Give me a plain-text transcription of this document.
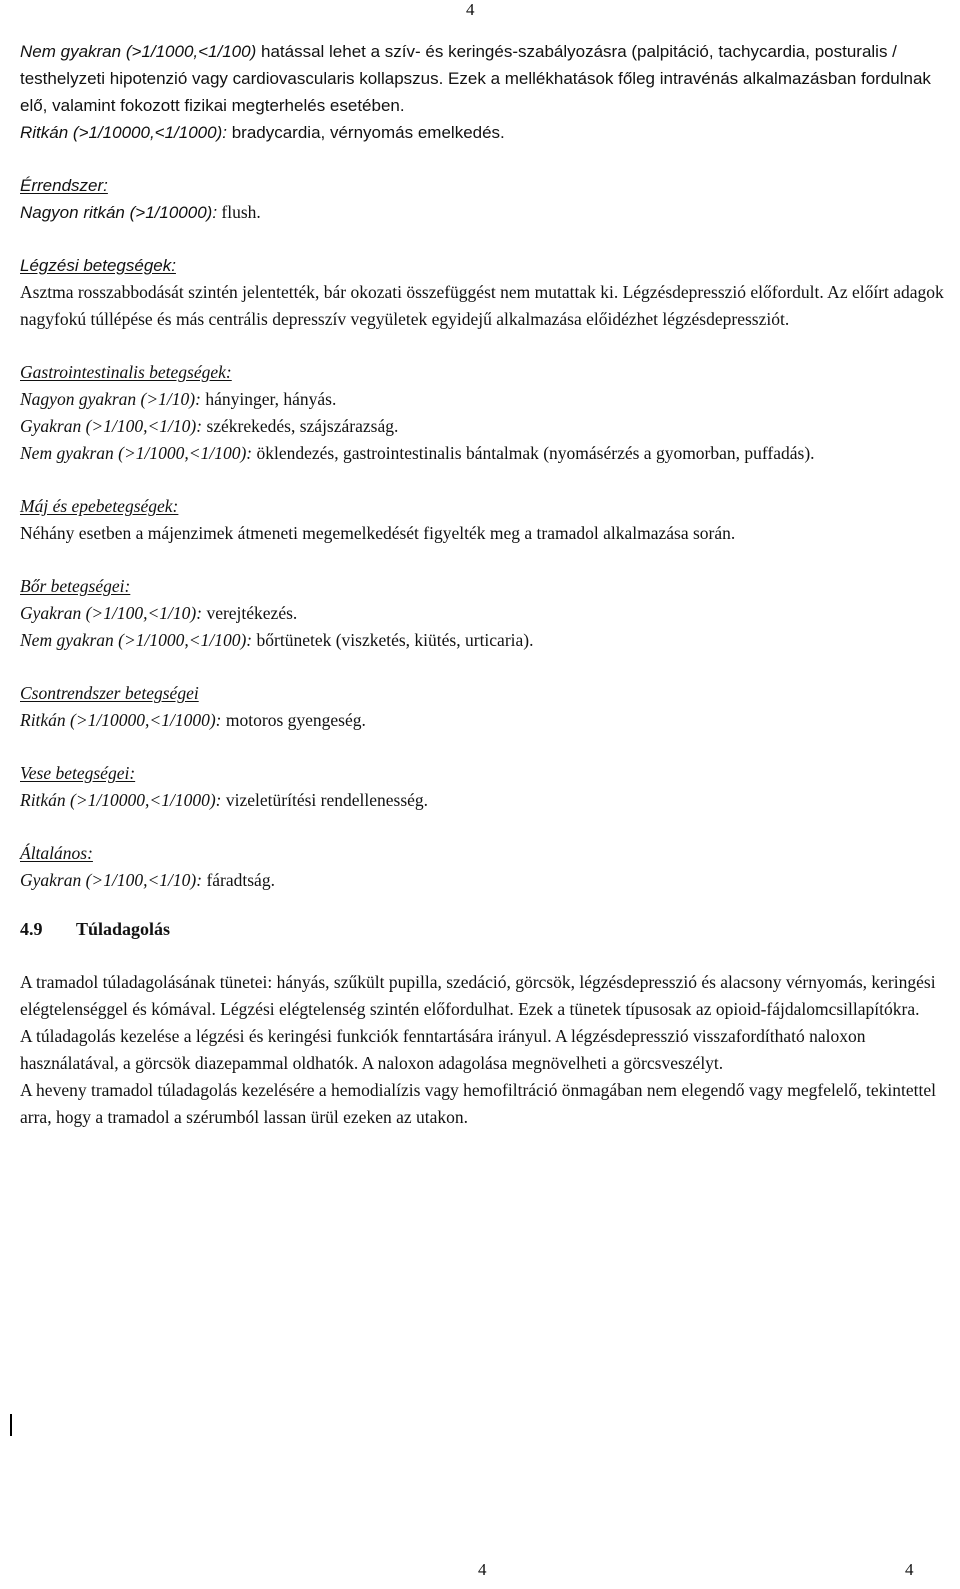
4

Nem gyakran (>1/1000,<1/100) hatással lehet a szív- és keringés-szabályozásra (palpitáció, tachycardia, posturalis / testhelyzeti hipotenzió vagy cardiovascularis kollapszus. Ezek a mellékhatások főleg intravénás alkalmazásban fordulnak elő, valamint fokozott fizikai megterhelés esetében.

Ritkán (>1/10000,<1/1000): bradycardia, vérnyomás emelkedés.

Érrendszer:

Nagyon ritkán (>1/10000): flush.

Légzési betegségek:

Asztma rosszabbodását szintén jelentették, bár okozati összefüggést nem mutattak ki. Légzésdepresszió előfordult. Az előírt adagok nagyfokú túllépése és más centrális depresszív vegyületek egyidejű alkalmazása előidézhet légzésdepressziót.

Gastrointestinalis betegségek:

Nagyon gyakran (>1/10): hányinger, hányás.

Gyakran (>1/100,<1/10): székrekedés, szájszárazság.

Nem gyakran (>1/1000,<1/100): öklendezés, gastrointestinalis bántalmak (nyomásérzés a gyomorban, puffadás).

Máj és epebetegségek:

Néhány esetben a májenzimek átmeneti megemelkedését figyelték meg a tramadol alkalmazása során.

Bőr betegségei:

Gyakran (>1/100,<1/10): verejtékezés.

Nem gyakran (>1/1000,<1/100): bőrtünetek (viszketés, kiütés, urticaria).

Csontrendszer betegségei

Ritkán (>1/10000,<1/1000): motoros gyengeség.

Vese betegségei:

Ritkán (>1/10000,<1/1000): vizeletürítési rendellenesség.

Általános:

Gyakran (>1/100,<1/10): fáradtság.

4.9 Túladagolás

A tramadol túladagolásának tünetei: hányás, szűkült pupilla, szedáció, görcsök, légzésdepresszió és alacsony vérnyomás, keringési elégtelenséggel és kómával. Légzési elégtelenség szintén előfordulhat. Ezek a tünetek típusosak az opioid-fájdalomcsillapítókra.

A túladagolás kezelése a légzési és keringési funkciók fenntartására irányul. A légzésdepresszió visszafordítható naloxon használatával, a görcsök diazepammal oldhatók. A naloxon adagolása megnövelheti a görcsveszélyt.

A heveny tramadol túladagolás kezelésére a hemodialízis vagy hemofiltráció önmagában nem elegendő vagy megfelelő, tekintettel arra, hogy a tramadol a szérumból lassan ürül ezeken az utakon.

4	4
